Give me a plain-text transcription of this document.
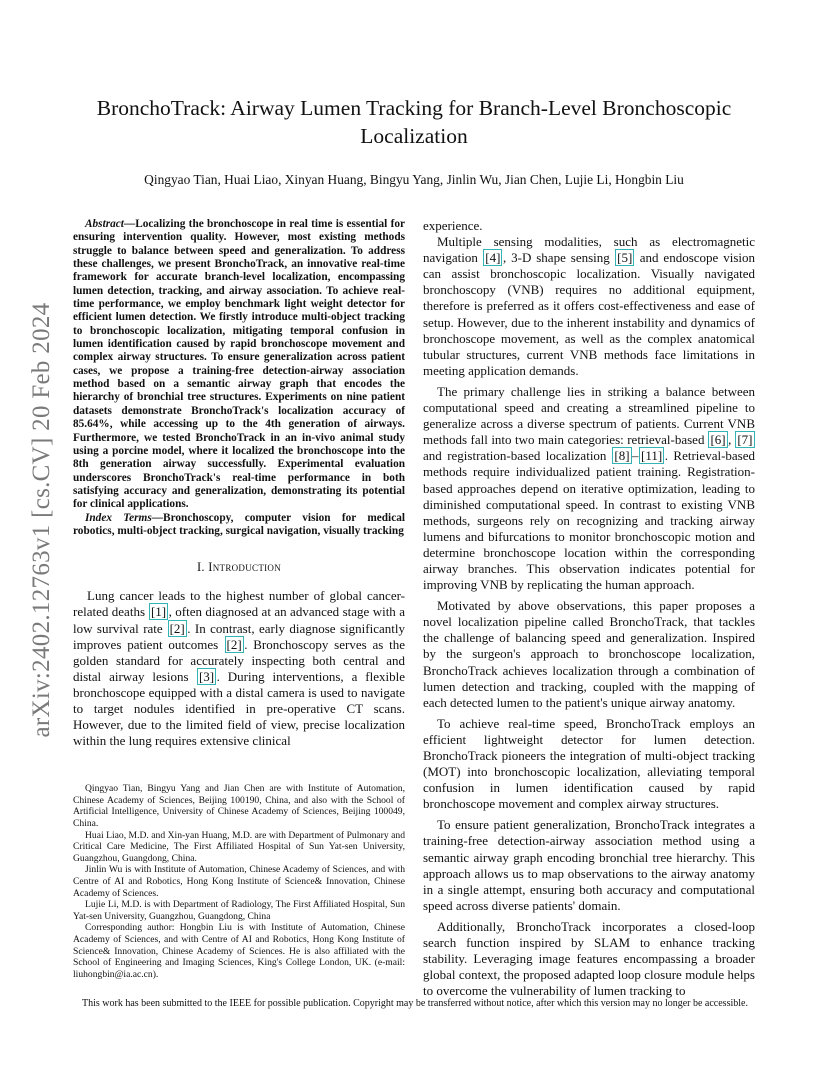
arXiv:2402.12763v1 [cs.CV] 20 Feb 2024
BronchoTrack: Airway Lumen Tracking for Branch-Level Bronchoscopic Localization

Qingyao Tian, Huai Liao, Xinyan Huang, Bingyu Yang, Jinlin Wu, Jian Chen, Lujie Li, Hongbin Liu

Abstract—Localizing the bronchoscope in real time is essential for ensuring intervention quality. However, most existing methods struggle to balance between speed and generalization. To address these challenges, we present BronchoTrack, an innovative real-time framework for accurate branch-level localization, encompassing lumen detection, tracking, and airway association. To achieve real-time performance, we employ benchmark light weight detector for efficient lumen detection. We firstly introduce multi-object tracking to bronchoscopic localization, mitigating temporal confusion in lumen identification caused by rapid bronchoscope movement and complex airway structures. To ensure generalization across patient cases, we propose a training-free detection-airway association method based on a semantic airway graph that encodes the hierarchy of bronchial tree structures. Experiments on nine patient datasets demonstrate BronchoTrack's localization accuracy of 85.64%, while accessing up to the 4th generation of airways. Furthermore, we tested BronchoTrack in an in-vivo animal study using a porcine model, where it localized the bronchoscope into the 8th generation airway successfully. Experimental evaluation underscores BronchoTrack's real-time performance in both satisfying accuracy and generalization, demonstrating its potential for clinical applications.

Index Terms—Bronchoscopy, computer vision for medical robotics, multi-object tracking, surgical navigation, visually tracking

I. Introduction

Lung cancer leads to the highest number of global cancer-related deaths [1] , often diagnosed at an advanced stage with a low survival rate [2] . In contrast, early diagnose significantly improves patient outcomes [2] . Bronchoscopy serves as the golden standard for accurately inspecting both central and distal airway lesions [3] . During interventions, a flexible bronchoscope equipped with a distal camera is used to navigate to target nodules identified in pre-operative CT scans. However, due to the limited field of view, precise localization within the lung requires extensive clinical

Qingyao Tian, Bingyu Yang and Jian Chen are with Institute of Automation, Chinese Academy of Sciences, Beijing 100190, China, and also with the School of Artificial Intelligence, University of Chinese Academy of Sciences, Beijing 100049, China.

Huai Liao, M.D. and Xin-yan Huang, M.D. are with Department of Pulmonary and Critical Care Medicine, The First Affiliated Hospital of Sun Yat-sen University, Guangzhou, Guangdong, China.

Jinlin Wu is with Institute of Automation, Chinese Academy of Sciences, and with Centre of AI and Robotics, Hong Kong Institute of Science& Innovation, Chinese Academy of Sciences.

Lujie Li, M.D. is with Department of Radiology, The First Affiliated Hospital, Sun Yat-sen University, Guangzhou, Guangdong, China

Corresponding author: Hongbin Liu is with Institute of Automation, Chinese Academy of Sciences, and with Centre of AI and Robotics, Hong Kong Institute of Science& Innovation, Chinese Academy of Sciences. He is also affiliated with the School of Engineering and Imaging Sciences, King's College London, UK. (e-mail: liuhongbin@ia.ac.cn).

experience.

Multiple sensing modalities, such as electromagnetic navigation [4] , 3-D shape sensing [5] and endoscope vision can assist bronchoscopic localization. Visually navigated bronchoscopy (VNB) requires no additional equipment, therefore is preferred as it offers cost-effectiveness and ease of setup. However, due to the inherent instability and dynamics of bronchoscope movement, as well as the complex anatomical tubular structures, current VNB methods face limitations in meeting application demands.

The primary challenge lies in striking a balance between computational speed and creating a streamlined pipeline to generalize across a diverse spectrum of patients. Current VNB methods fall into two main categories: retrieval-based [6] , [7] and registration-based localization [8] – [11] . Retrieval-based methods require individualized patient training. Registration-based approaches depend on iterative optimization, leading to diminished computational speed. In contrast to existing VNB methods, surgeons rely on recognizing and tracking airway lumens and bifurcations to monitor bronchoscopic motion and determine bronchoscope location within the corresponding airway branches. This observation indicates potential for improving VNB by replicating the human approach.

Motivated by above observations, this paper proposes a novel localization pipeline called BronchoTrack, that tackles the challenge of balancing speed and generalization. Inspired by the surgeon's approach to bronchoscope localization, BronchoTrack achieves localization through a combination of lumen detection and tracking, coupled with the mapping of each detected lumen to the patient's unique airway anatomy.

To achieve real-time speed, BronchoTrack employs an efficient lightweight detector for lumen detection. BronchoTrack pioneers the integration of multi-object tracking (MOT) into bronchoscopic localization, alleviating temporal confusion in lumen identification caused by rapid bronchoscope movement and complex airway structures.

To ensure patient generalization, BronchoTrack integrates a training-free detection-airway association method using a semantic airway graph encoding bronchial tree hierarchy. This approach allows us to map observations to the airway anatomy in a single attempt, ensuring both accuracy and computational speed across diverse patients' domain.

Additionally, BronchoTrack incorporates a closed-loop search function inspired by SLAM to enhance tracking stability. Leveraging image features encompassing a broader global context, the proposed adapted loop closure module helps to overcome the vulnerability of lumen tracking to

This work has been submitted to the IEEE for possible publication. Copyright may be transferred without notice, after which this version may no longer be accessible.
